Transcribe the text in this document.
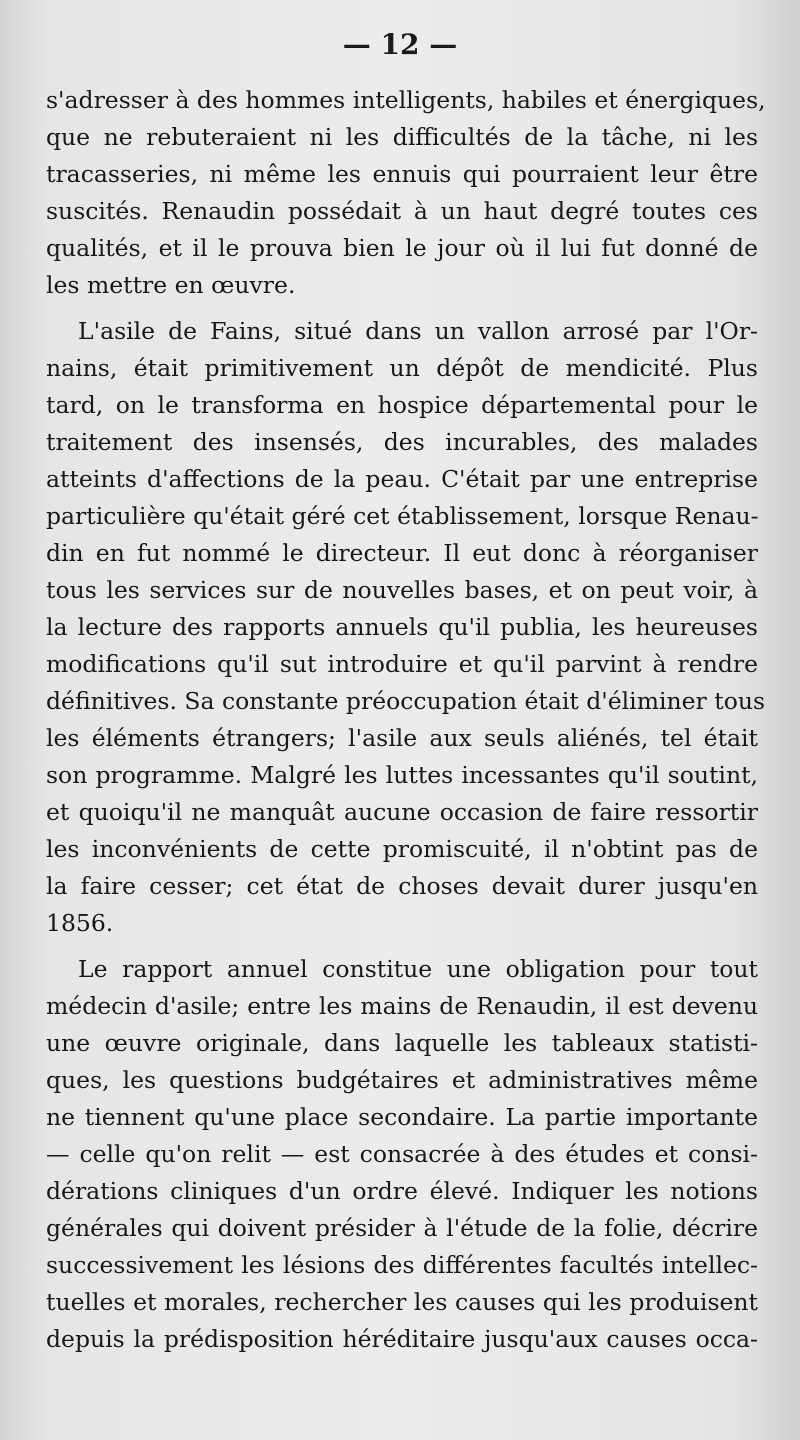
— 12 —
s'adresser à des hommes intelligents, habiles et énergiques,
que ne rebuteraient ni les difficultés de la tâche, ni les
tracasseries, ni même les ennuis qui pourraient leur être
suscités. Renaudin possédait à un haut degré toutes ces
qualités, et il le prouva bien le jour où il lui fut donné de
les mettre en œuvre.
L'asile de Fains, situé dans un vallon arrosé par l'Or-
nains, était primitivement un dépôt de mendicité. Plus
tard, on le transforma en hospice départemental pour le
traitement des insensés, des incurables, des malades
atteints d'affections de la peau. C'était par une entreprise
particulière qu'était géré cet établissement, lorsque Renau-
din en fut nommé le directeur. Il eut donc à réorganiser
tous les services sur de nouvelles bases, et on peut voir, à
la lecture des rapports annuels qu'il publia, les heureuses
modifications qu'il sut introduire et qu'il parvint à rendre
définitives. Sa constante préoccupation était d'éliminer tous
les éléments étrangers; l'asile aux seuls aliénés, tel était
son programme. Malgré les luttes incessantes qu'il soutint,
et quoiqu'il ne manquât aucune occasion de faire ressortir
les inconvénients de cette promiscuité, il n'obtint pas de
la faire cesser; cet état de choses devait durer jusqu'en
1856.
Le rapport annuel constitue une obligation pour tout
médecin d'asile; entre les mains de Renaudin, il est devenu
une œuvre originale, dans laquelle les tableaux statisti-
ques, les questions budgétaires et administratives même
ne tiennent qu'une place secondaire. La partie importante
— celle qu'on relit — est consacrée à des études et consi-
dérations cliniques d'un ordre élevé. Indiquer les notions
générales qui doivent présider à l'étude de la folie, décrire
successivement les lésions des différentes facultés intellec-
tuelles et morales, rechercher les causes qui les produisent
depuis la prédisposition héréditaire jusqu'aux causes occa-
